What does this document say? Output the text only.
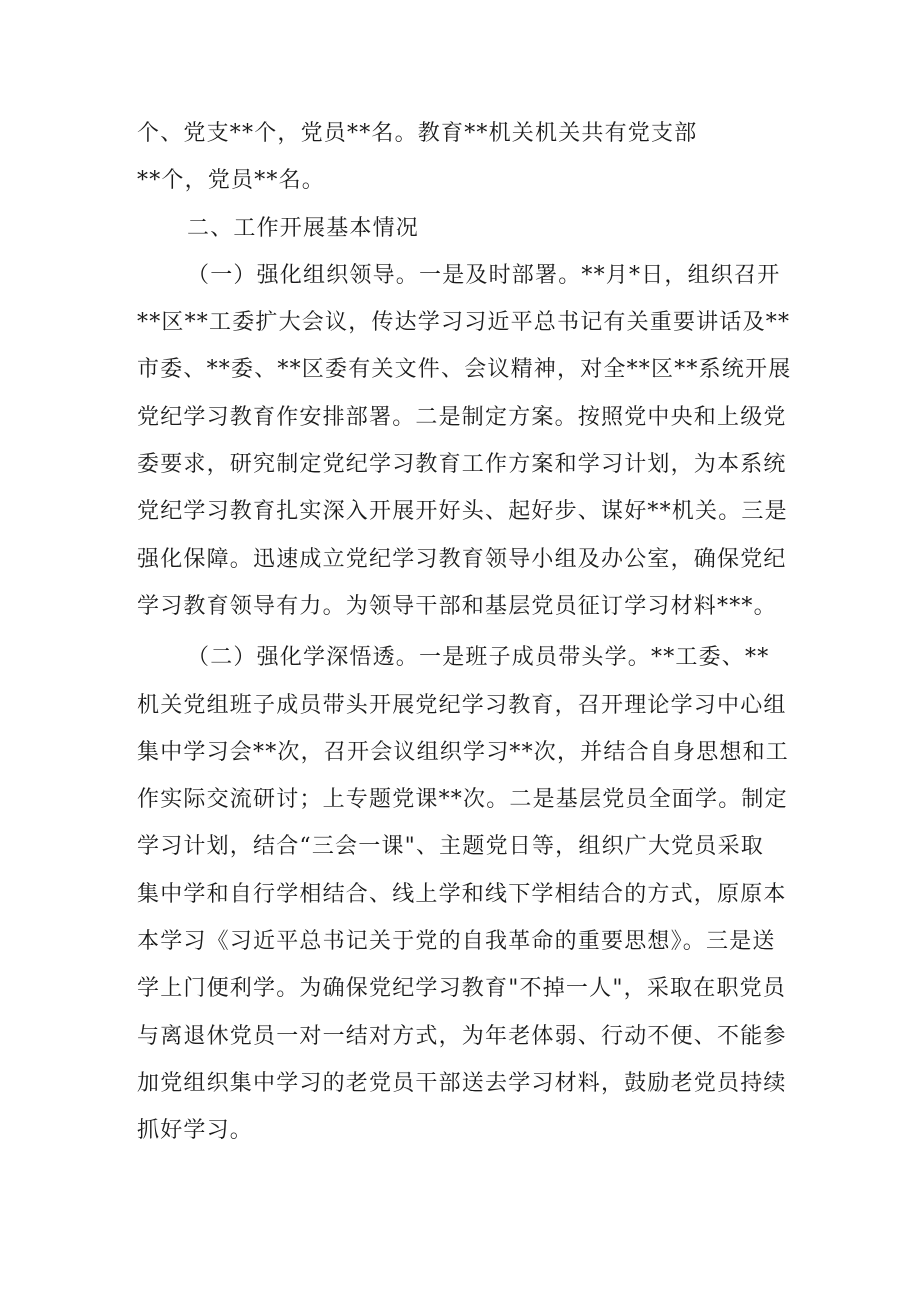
个、党支**个，党员**名。教育**机关机关共有党支部
**个，党员**名。
二、工作开展基本情况
（一）强化组织领导。一是及时部署。**月*日，组织召开
**区**工委扩大会议，传达学习习近平总书记有关重要讲话及**
市委、**委、**区委有关文件、会议精神，对全**区**系统开展
党纪学习教育作安排部署。二是制定方案。按照党中央和上级党
委要求，研究制定党纪学习教育工作方案和学习计划，为本系统
党纪学习教育扎实深入开展开好头、起好步、谋好**机关。三是
强化保障。迅速成立党纪学习教育领导小组及办公室，确保党纪
学习教育领导有力。为领导干部和基层党员征订学习材料***。
（二）强化学深悟透。一是班子成员带头学。**工委、**
机关党组班子成员带头开展党纪学习教育，召开理论学习中心组
集中学习会**次，召开会议组织学习**次，并结合自身思想和工
作实际交流研讨；上专题党课**次。二是基层党员全面学。制定
学习计划，结合“三会一课"、主题党日等，组织广大党员采取
集中学和自行学相结合、线上学和线下学相结合的方式，原原本
本学习《习近平总书记关于党的自我革命的重要思想》。三是送
学上门便利学。为确保党纪学习教育"不掉一人"，采取在职党员
与离退休党员一对一结对方式，为年老体弱、行动不便、不能参
加党组织集中学习的老党员干部送去学习材料，鼓励老党员持续
抓好学习。
